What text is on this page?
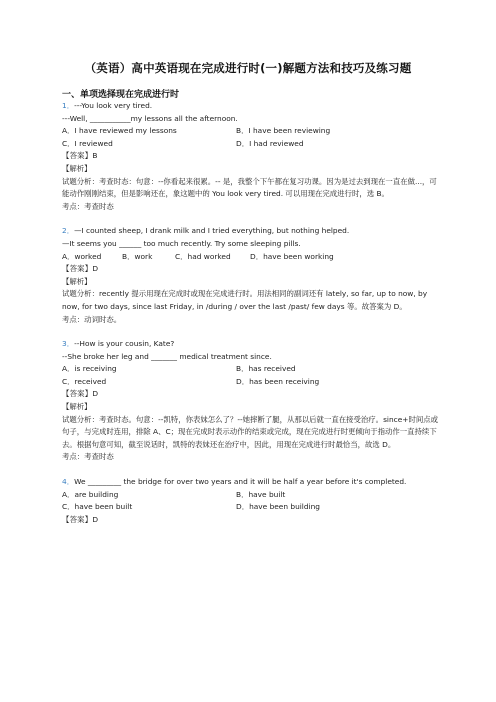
（英语）高中英语现在完成进行时(一)解题方法和技巧及练习题
一、单项选择现在完成进行时
1．---You look very tired.
---Well, ___________my lessons all the afternoon.
A．I have reviewed my lessons	B．I have been reviewing
C．I reviewed	D．I had reviewed
【答案】B
【解析】
试题分析：考查时态：句意：--你看起来很累。-- 是，我整个下午都在复习功课。因为是过去到现在一直在做...，可能动作刚刚结束，但是影响还在，象这题中的 You look very tired. 可以用现在完成进行时，选 B。
考点：考查时态
2．—I counted sheep, I drank milk and I tried everything, but nothing helped.
—It seems you ______ too much recently. Try some sleeping pills.
A．worked	B．work	C．had worked	D．have been working
【答案】D
【解析】
试题分析：recently 提示用现在完成时或现在完成进行时。用法相同的副词还有 lately, so far, up to now, by now, for two days, since last Friday, in /during / over the last /past/ few days 等。故答案为 D。
考点：动词时态。
3．--How is your cousin, Kate?
--She broke her leg and _______ medical treatment since.
A．is receiving	B．has received
C．received	D．has been receiving
【答案】D
【解析】
试题分析：考查时态。句意：--凯特，你表妹怎么了？--她摔断了腿，从那以后就一直在接受治疗。since+时间点或句子，与完成时连用，排除 A、C；现在完成时表示动作的结束或完成，现在完成进行时更倾向于指动作一直持续下去。根据句意可知，截至说话时，凯特的表妹还在治疗中，因此，用现在完成进行时最恰当，故选 D。
考点：考查时态
4．We _________ the bridge for over two years and it will be half a year before it's completed.
A．are building	B．have built
C．have been built	D．have been building
【答案】D
